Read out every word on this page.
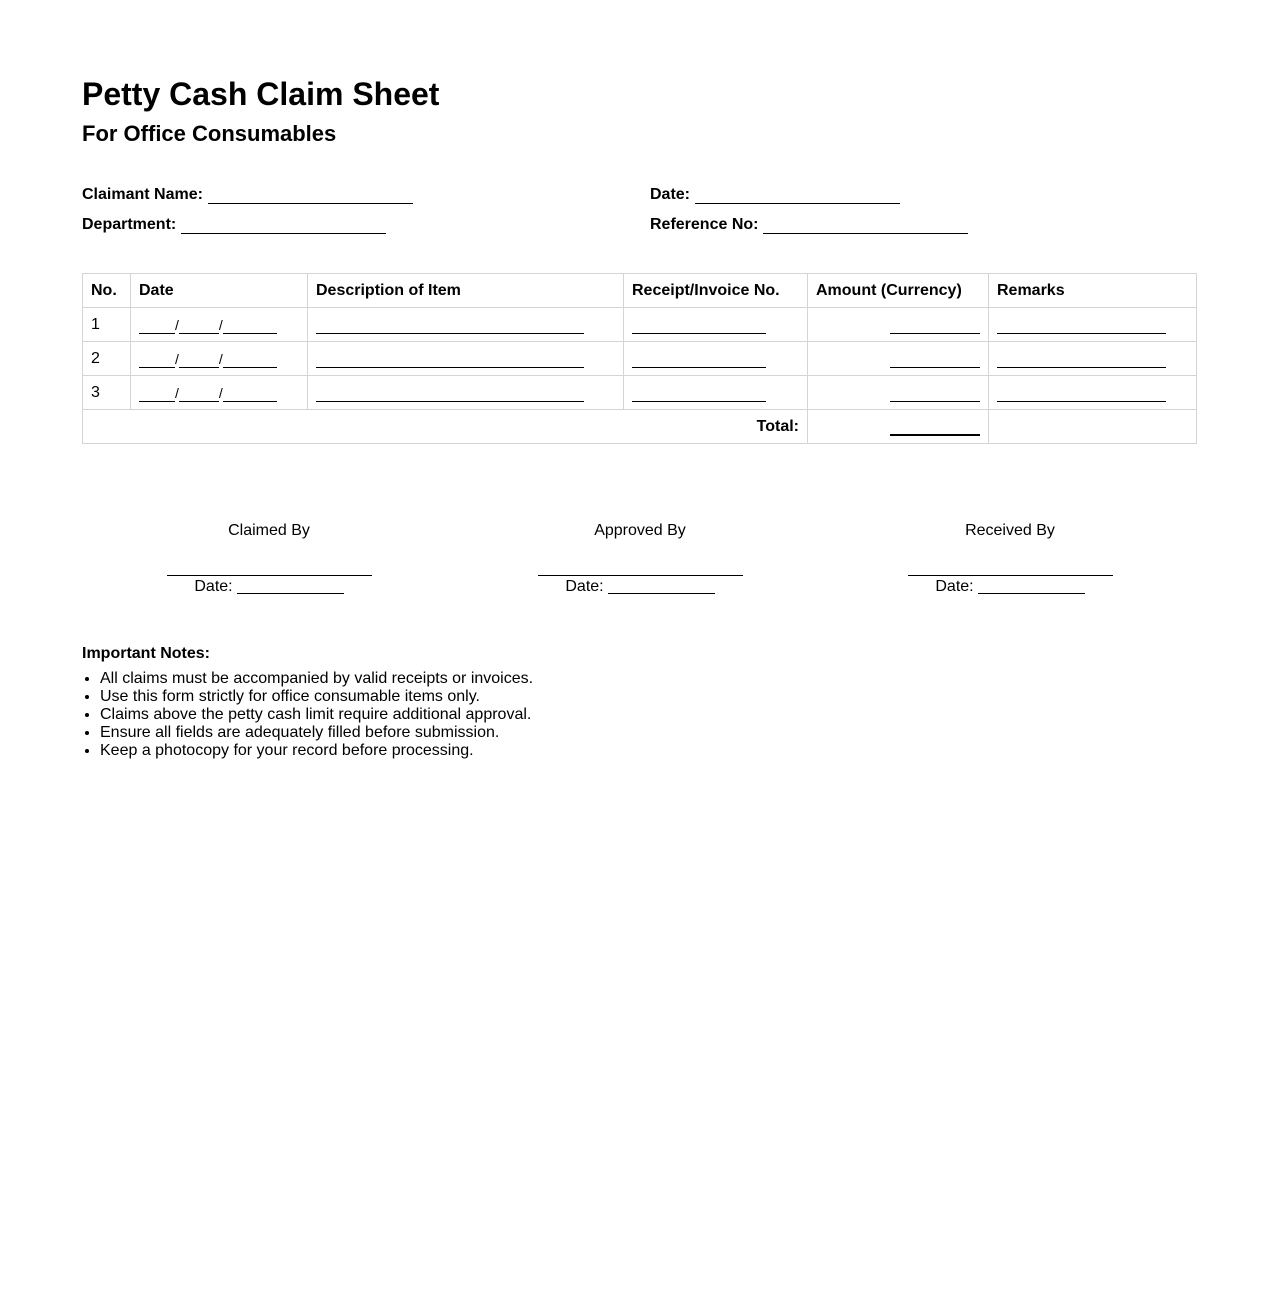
Petty Cash Claim Sheet
For Office Consumables
Claimant Name:
Department:
Date:
Reference No:
No.	Date	Description of Item	Receipt/Invoice No.	Amount (Currency)	Remarks
1	/ /				
2	/ /				
3	/ /				
Total:					
Claimed By
Date:
Approved By
Date:
Received By
Date:

Important Notes:

• All claims must be accompanied by valid receipts or invoices.
• Use this form strictly for office consumable items only.
• Claims above the petty cash limit require additional approval.
• Ensure all fields are adequately filled before submission.
• Keep a photocopy for your record before processing.
